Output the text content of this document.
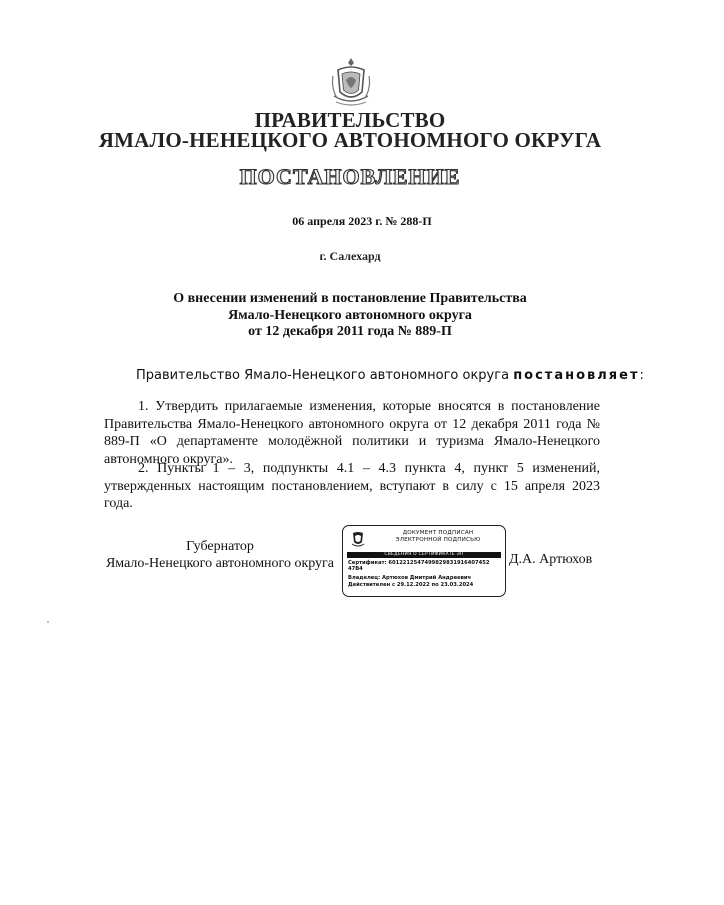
ПРАВИТЕЛЬСТВО
ЯМАЛО-НЕНЕЦКОГО АВТОНОМНОГО ОКРУГА
ПОСТАНОВЛЕНИЕ
06 апреля 2023 г. № 288-П
г. Салехард
О внесении изменений в постановление Правительства
Ямало-Ненецкого автономного округа
от 12 декабря 2011 года № 889-П
Правительство Ямало-Ненецкого автономного округа постановляет:
1. Утвердить прилагаемые изменения, которые вносятся в постановление Правительства Ямало-Ненецкого автономного округа от 12 декабря 2011 года № 889-П «О департаменте молодёжной политики и туризма Ямало-Ненецкого автономного округа».
2. Пункты 1 – 3, подпункты 4.1 – 4.3 пункта 4, пункт 5 изменений, утвержденных настоящим постановлением, вступают в силу с 15 апреля 2023 года.
Губернатор
Ямало-Ненецкого автономного округа
ДОКУМЕНТ ПОДПИСАН
ЭЛЕКТРОННОЙ ПОДПИСЬЮ
СВЕДЕНИЯ О СЕРТИФИКАТЕ ЭП
Сертификат: 6012212547499829831916407452
47B4
Владелец: Артюхов Дмитрий Андреевич
Действителен с 29.12.2022 по 23.03.2024
Д.А. Артюхов
